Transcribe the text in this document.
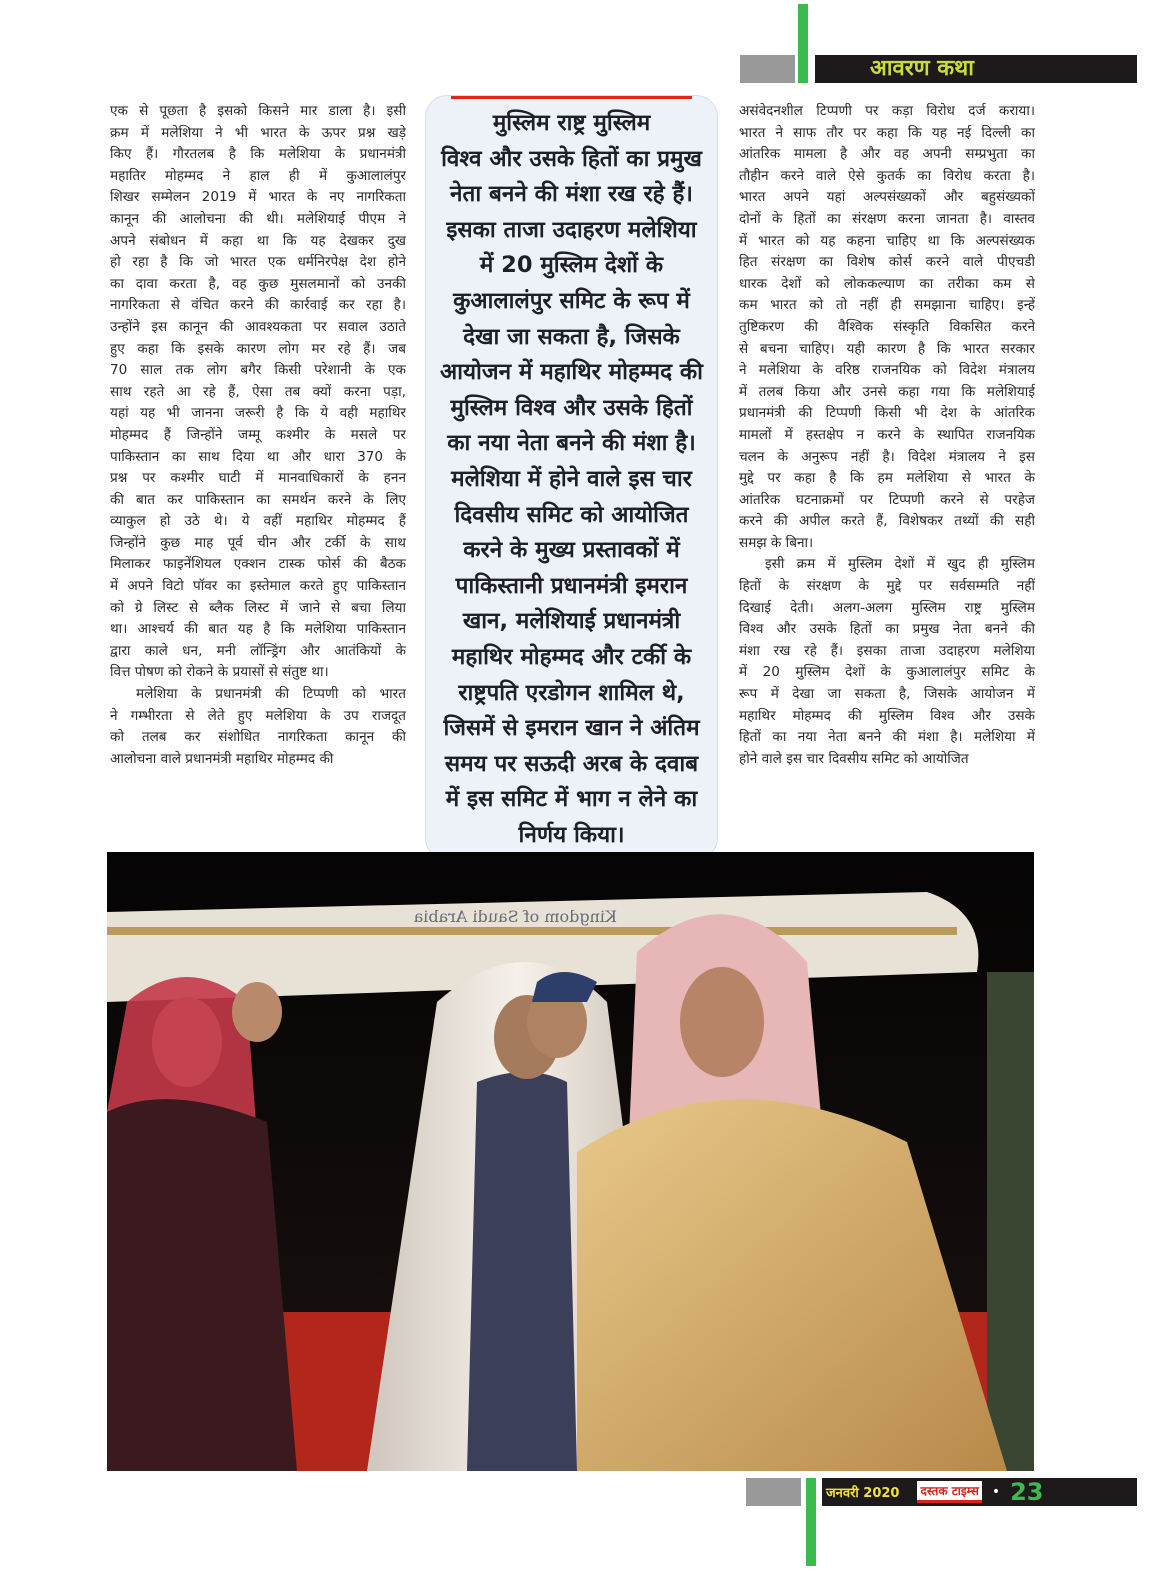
आवरण कथा
एक से पूछता है इसको किसने मार डाला है। इसी
क्रम में मलेशिया ने भी भारत के ऊपर प्रश्न खड़े
किए हैं। गौरतलब है कि मलेशिया के प्रधानमंत्री
महातिर मोहम्मद ने हाल ही में कुआलालंपुर
शिखर सम्मेलन 2019 में भारत के नए नागरिकता
कानून की आलोचना की थी। मलेशियाई पीएम ने
अपने संबोधन में कहा था कि यह देखकर दुख
हो रहा है कि जो भारत एक धर्मनिरपेक्ष देश होने
का दावा करता है, वह कुछ मुसलमानों को उनकी
नागरिकता से वंचित करने की कार्रवाई कर रहा है।
उन्होंने इस कानून की आवश्यकता पर सवाल उठाते
हुए कहा कि इसके कारण लोग मर रहे हैं। जब
70 साल तक लोग बगैर किसी परेशानी के एक
साथ रहते आ रहे हैं, ऐसा तब क्यों करना पड़ा,
यहां यह भी जानना जरूरी है कि ये वही महाथिर
मोहम्मद हैं जिन्होंने जम्मू कश्मीर के मसले पर
पाकिस्तान का साथ दिया था और धारा 370 के
प्रश्न पर कश्मीर घाटी में मानवाधिकारों के हनन
की बात कर पाकिस्तान का समर्थन करने के लिए
व्याकुल हो उठे थे। ये वहीं महाथिर मोहम्मद हैं
जिन्होंने कुछ माह पूर्व चीन और टर्की के साथ
मिलाकर फाइनेंशियल एक्शन टास्क फोर्स की बैठक
में अपने विटो पॉवर का इस्तेमाल करते हुए पाकिस्तान
को ग्रे लिस्ट से ब्लैक लिस्ट में जाने से बचा लिया
था। आश्चर्य की बात यह है कि मलेशिया पाकिस्तान
द्वारा काले धन, मनी लॉन्ड्रिंग और आतंकियों के
वित्त पोषण को रोकने के प्रयासों से संतुष्ट था।
मलेशिया के प्रधानमंत्री की टिप्पणी को भारत
ने गम्भीरता से लेते हुए मलेशिया के उप राजदूत
को तलब कर संशोधित नागरिकता कानून की
आलोचना वाले प्रधानमंत्री महाथिर मोहम्मद की
मुस्लिम राष्ट्र मुस्लिम
विश्व और उसके हितों का प्रमुख
नेता बनने की मंशा रख रहे हैं।
इसका ताजा उदाहरण मलेशिया
में 20 मुस्लिम देशों के
कुआलालंपुर समिट के रूप में
देखा जा सकता है, जिसके
आयोजन में महाथिर मोहम्मद की
मुस्लिम विश्व और उसके हितों
का नया नेता बनने की मंशा है।
मलेशिया में होने वाले इस चार
दिवसीय समिट को आयोजित
करने के मुख्य प्रस्तावकों में
पाकिस्तानी प्रधानमंत्री इमरान
खान, मलेशियाई प्रधानमंत्री
महाथिर मोहम्मद और टर्की के
राष्ट्रपति एरडोगन शामिल थे,
जिसमें से इमरान खान ने अंतिम
समय पर सऊदी अरब के दवाब
में इस समिट में भाग न लेने का
निर्णय किया।
असंवेदनशील टिप्पणी पर कड़ा विरोध दर्ज कराया।
भारत ने साफ तौर पर कहा कि यह नई दिल्ली का
आंतरिक मामला है और वह अपनी सम्प्रभुता का
तौहीन करने वाले ऐसे कुतर्क का विरोध करता है।
भारत अपने यहां अल्पसंख्यकों और बहुसंख्यकों
दोनों के हितों का संरक्षण करना जानता है। वास्तव
में भारत को यह कहना चाहिए था कि अल्पसंख्यक
हित संरक्षण का विशेष कोर्स करने वाले पीएचडी
धारक देशों को लोककल्याण का तरीका कम से
कम भारत को तो नहीं ही समझाना चाहिए। इन्हें
तुष्टिकरण की वैश्विक संस्कृति विकसित करने
से बचना चाहिए। यही कारण है कि भारत सरकार
ने मलेशिया के वरिष्ठ राजनयिक को विदेश मंत्रालय
में तलब किया और उनसे कहा गया कि मलेशियाई
प्रधानमंत्री की टिप्पणी किसी भी देश के आंतरिक
मामलों में हस्तक्षेप न करने के स्थापित राजनयिक
चलन के अनुरूप नहीं है। विदेश मंत्रालय ने इस
मुद्दे पर कहा है कि हम मलेशिया से भारत के
आंतरिक घटनाक्रमों पर टिप्पणी करने से परहेज
करने की अपील करते हैं, विशेषकर तथ्यों की सही
समझ के बिना।
इसी क्रम में मुस्लिम देशों में खुद ही मुस्लिम
हितों के संरक्षण के मुद्दे पर सर्वसम्मति नहीं
दिखाई देती। अलग-अलग मुस्लिम राष्ट्र मुस्लिम
विश्व और उसके हितों का प्रमुख नेता बनने की
मंशा रख रहे हैं। इसका ताजा उदाहरण मलेशिया
में 20 मुस्लिम देशों के कुआलालंपुर समिट के
रूप में देखा जा सकता है, जिसके आयोजन में
महाथिर मोहम्मद की मुस्लिम विश्व और उसके
हितों का नया नेता बनने की मंशा है। मलेशिया में
होने वाले इस चार दिवसीय समिट को आयोजित
Kingdom of Saudi Arabia
जनवरी 2020 दस्तक टाइम्स • 23
